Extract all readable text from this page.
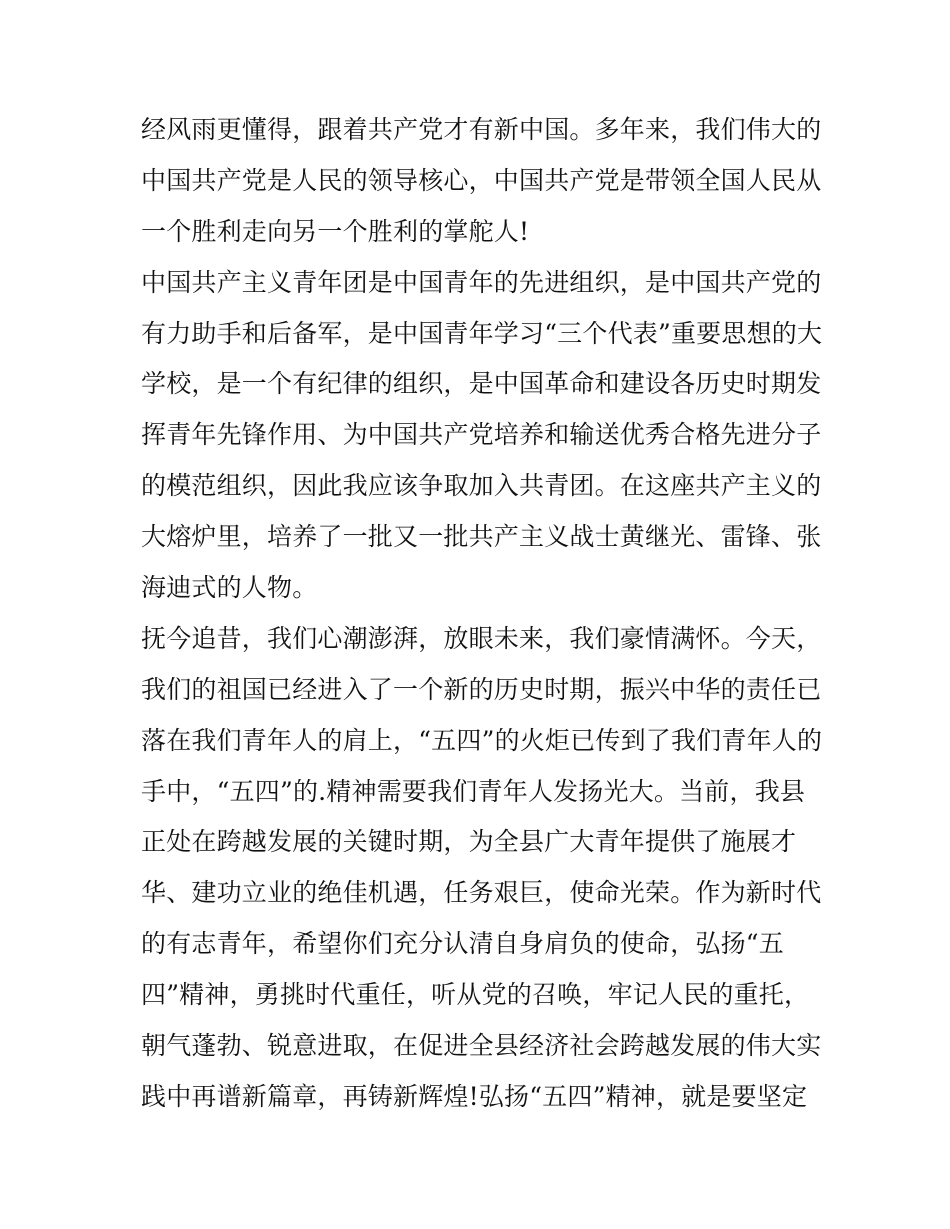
经风雨更懂得，跟着共产党才有新中国。多年来，我们伟大的
中国共产党是人民的领导核心，中国共产党是带领全国人民从
一个胜利走向另一个胜利的掌舵人!
中国共产主义青年团是中国青年的先进组织，是中国共产党的
有力助手和后备军，是中国青年学习“三个代表”重要思想的大
学校，是一个有纪律的组织，是中国革命和建设各历史时期发
挥青年先锋作用、为中国共产党培养和输送优秀合格先进分子
的模范组织，因此我应该争取加入共青团。在这座共产主义的
大熔炉里，培养了一批又一批共产主义战士黄继光、雷锋、张
海迪式的人物。
抚今追昔，我们心潮澎湃，放眼未来，我们豪情满怀。今天，
我们的祖国已经进入了一个新的历史时期，振兴中华的责任已
落在我们青年人的肩上，“五四”的火炬已传到了我们青年人的
手中，“五四”的.精神需要我们青年人发扬光大。当前，我县
正处在跨越发展的关键时期，为全县广大青年提供了施展才
华、建功立业的绝佳机遇，任务艰巨，使命光荣。作为新时代
的有志青年，希望你们充分认清自身肩负的使命，弘扬“五
四”精神，勇挑时代重任，听从党的召唤，牢记人民的重托，
朝气蓬勃、锐意进取，在促进全县经济社会跨越发展的伟大实
践中再谱新篇章，再铸新辉煌!弘扬“五四”精神，就是要坚定
